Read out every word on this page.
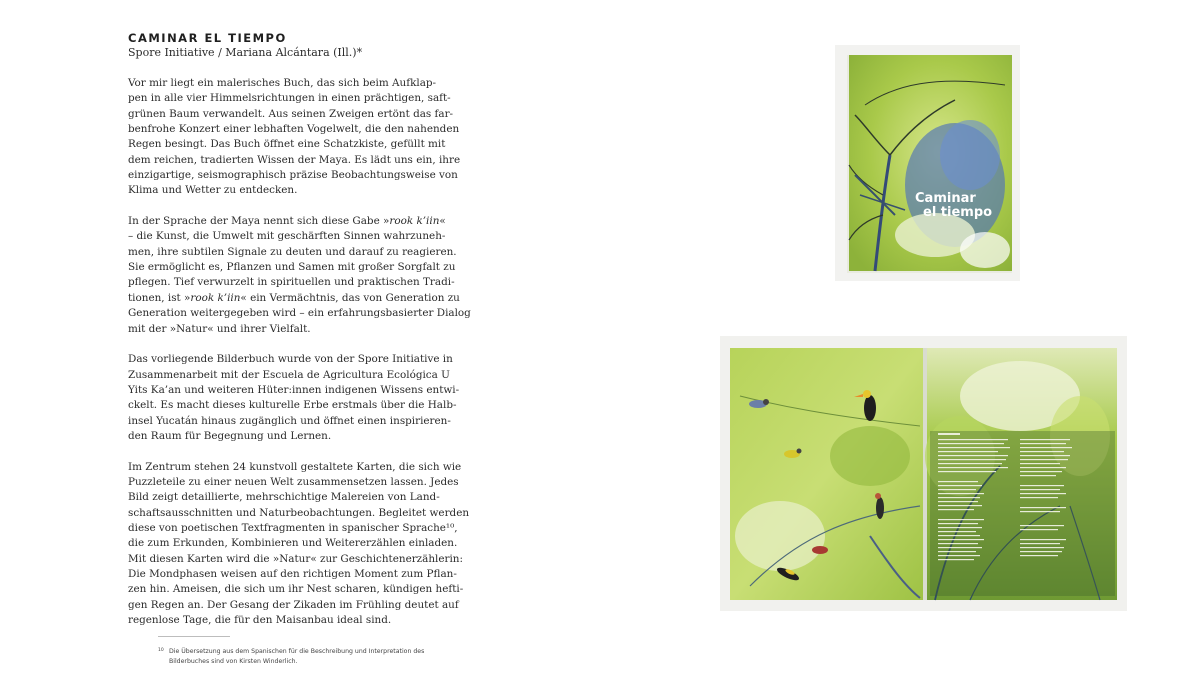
CAMINAR EL TIEMPO
Spore Initiative / Mariana Alcántara (Ill.)*
Vor mir liegt ein malerisches Buch, das sich beim Aufklap-
pen in alle vier Himmelsrichtungen in einen prächtigen, saft-
grünen Baum verwandelt. Aus seinen Zweigen ertönt das far-
benfrohe Konzert einer lebhaften Vogelwelt, die den nahenden
Regen besingt. Das Buch öffnet eine Schatzkiste, gefüllt mit
dem reichen, tradierten Wissen der Maya. Es lädt uns ein, ihre
einzigartige, seismographisch präzise Beobachtungsweise von
Klima und Wetter zu entdecken.
In der Sprache der Maya nennt sich diese Gabe »rook k’iin«
– die Kunst, die Umwelt mit geschärften Sinnen wahrzuneh-
men, ihre subtilen Signale zu deuten und darauf zu reagieren.
Sie ermöglicht es, Pflanzen und Samen mit großer Sorgfalt zu
pflegen. Tief verwurzelt in spirituellen und praktischen Tradi-
tionen, ist »rook k’iin« ein Vermächtnis, das von Generation zu
Generation weitergegeben wird – ein erfahrungsbasierter Dialog
mit der »Natur« und ihrer Vielfalt.
Das vorliegende Bilderbuch wurde von der Spore Initiative in
Zusammenarbeit mit der Escuela de Agricultura Ecológica U
Yits Ka’an und weiteren Hüter:innen indigenen Wissens entwi-
ckelt. Es macht dieses kulturelle Erbe erstmals über die Halb-
insel Yucatán hinaus zugänglich und öffnet einen inspirieren-
den Raum für Begegnung und Lernen.
Im Zentrum stehen 24 kunstvoll gestaltete Karten, die sich wie
Puzzleteile zu einer neuen Welt zusammensetzen lassen. Jedes
Bild zeigt detaillierte, mehrschichtige Malereien von Land-
schaftsausschnitten und Naturbeobachtungen. Begleitet werden
diese von poetischen Textfragmenten in spanischer Sprache¹⁰,
die zum Erkunden, Kombinieren und Weitererzählen einladen.
Mit diesen Karten wird die »Natur« zur Geschichtenerzählerin:
Die Mondphasen weisen auf den richtigen Moment zum Pflan-
zen hin. Ameisen, die sich um ihr Nest scharen, kündigen hefti-
gen Regen an. Der Gesang der Zikaden im Frühling deutet auf
regenlose Tage, die für den Maisanbau ideal sind.
10 Die Übersetzung aus dem Spanischen für die Beschreibung und Interpretation des
Bilderbuches sind von Kirsten Winderlich.
Caminar
el tiempo
